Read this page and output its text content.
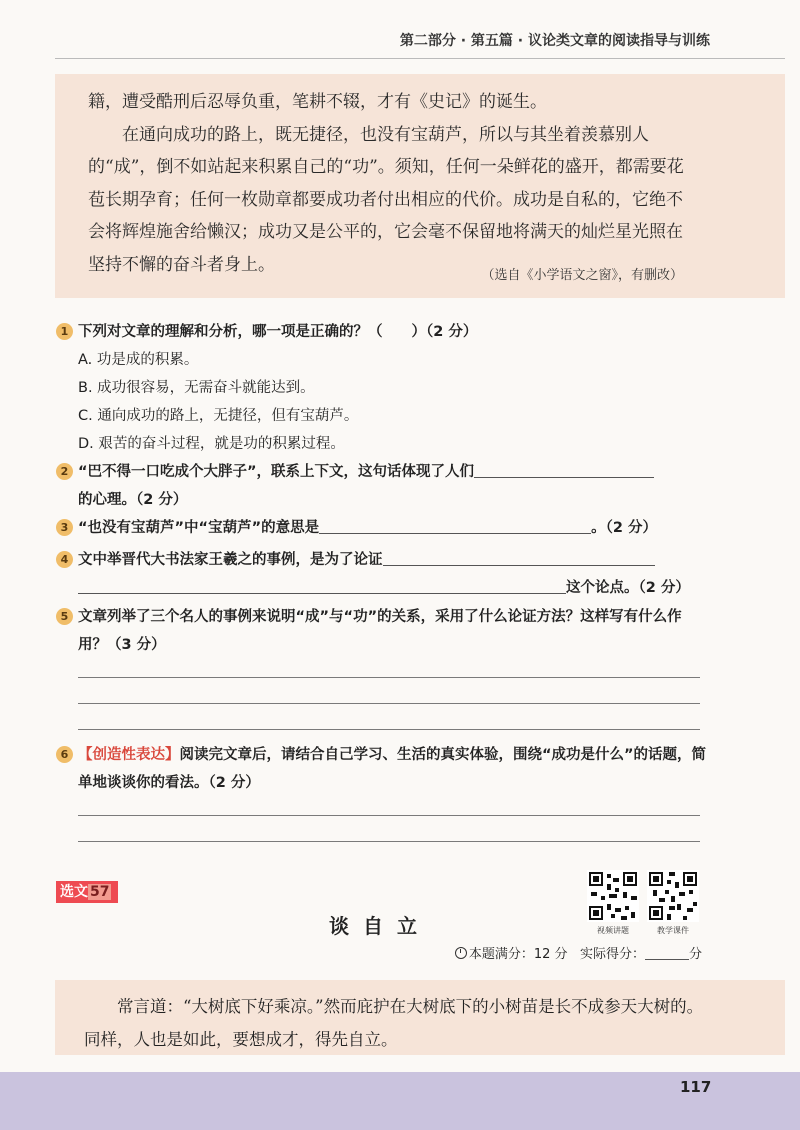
第二部分 · 第五篇 · 议论类文章的阅读指导与训练

籍，遭受酷刑后忍辱负重，笔耕不辍，才有《史记》的诞生。

在通向成功的路上，既无捷径，也没有宝葫芦，所以与其坐着羡慕别人的“成”，倒不如站起来积累自己的“功”。须知，任何一朵鲜花的盛开，都需要花苞长期孕育；任何一枚勋章都要成功者付出相应的代价。成功是自私的，它绝不会将辉煌施舍给懒汉；成功又是公平的，它会毫不保留地将满天的灿烂星光照在坚持不懈的奋斗者身上。

（选自《小学语文之窗》，有删改）
1 下列对文章的理解和分析，哪一项是正确的？（　　）（2 分）
A. 功是成的积累。
B. 成功很容易，无需奋斗就能达到。
C. 通向成功的路上，无捷径，但有宝葫芦。
D. 艰苦的奋斗过程，就是功的积累过程。
2 “巴不得一口吃成个大胖子”，联系上下文，这句话体现了人们
的心理。（2 分）
3 “也没有宝葫芦”中“宝葫芦”的意思是	。（2 分）
4 文中举晋代大书法家王羲之的事例，是为了论证
这个论点。（2 分）
5 文章列举了三个名人的事例来说明“成”与“功”的关系，采用了什么论证方法？这样写有什么作用？（3 分）
6 【创造性表达】阅读完文章后，请结合自己学习、生活的真实体验，围绕“成功是什么”的话题，简单地谈谈你的看法。（2 分）
选文 57
视频讲题	教学课件
谈自立
本题满分：12 分 实际得分：	分

常言道：“大树底下好乘凉。”然而庇护在大树底下的小树苗是长不成参天大树的。同样，人也是如此，要想成才，得先自立。

117
